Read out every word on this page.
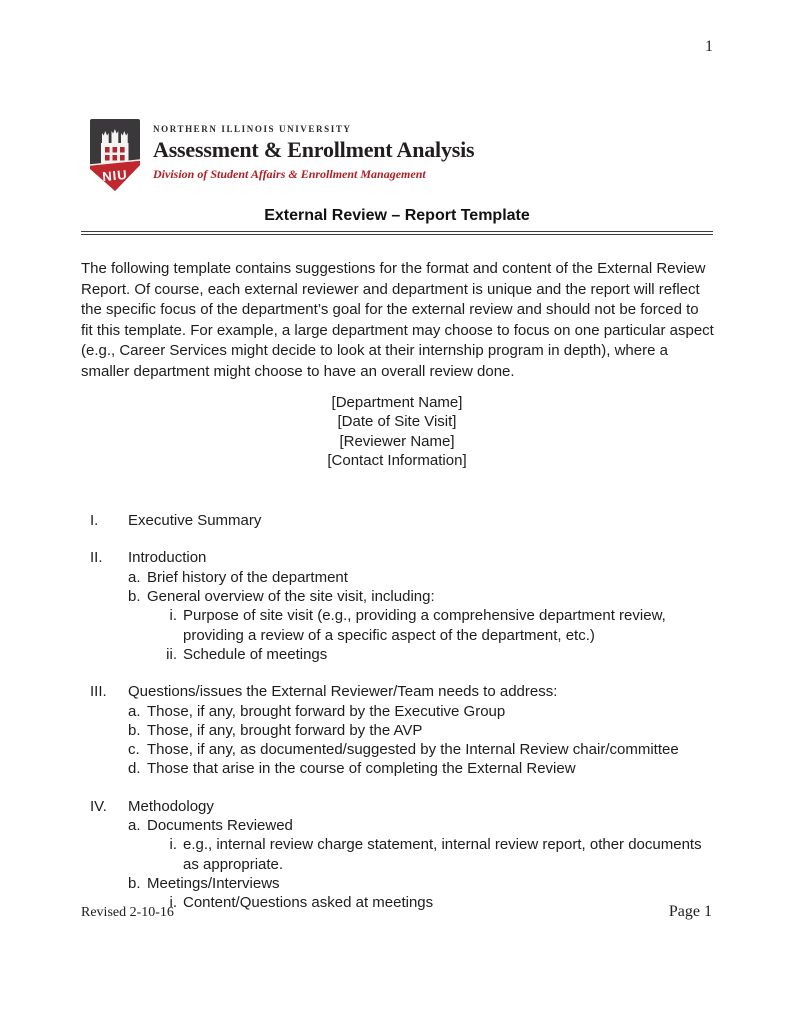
1
NIU
NORTHERN ILLINOIS UNIVERSITY
Assessment & Enrollment Analysis
Division of Student Affairs & Enrollment Management
External Review – Report Template
The following template contains suggestions for the format and content of the External Review Report. Of course, each external reviewer and department is unique and the report will reflect the specific focus of the department’s goal for the external review and should not be forced to fit this template. For example, a large department may choose to focus on one particular aspect (e.g., Career Services might decide to look at their internship program in depth), where a smaller department might choose to have an overall review done.
[Department Name]
[Date of Site Visit]
[Reviewer Name]
[Contact Information]
I.	Executive Summary
II.	Introduction
a. Brief history of the department
b. General overview of the site visit, including:
i. Purpose of site visit (e.g., providing a comprehensive department review, providing a review of a specific aspect of the department, etc.)
ii. Schedule of meetings
III.	Questions/issues the External Reviewer/Team needs to address:
a. Those, if any, brought forward by the Executive Group
b. Those, if any, brought forward by the AVP
c. Those, if any, as documented/suggested by the Internal Review chair/committee
d. Those that arise in the course of completing the External Review
IV.	Methodology
a. Documents Reviewed
i. e.g., internal review charge statement, internal review report, other documents as appropriate.
b. Meetings/Interviews
i. Content/Questions asked at meetings
Revised 2-10-16	Page 1
